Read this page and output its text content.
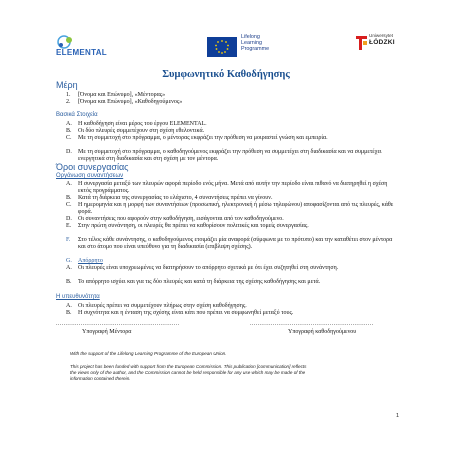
ELEMENTAL
Lifelong
Learning
Programme
Uniwersytet
ŁÓDZKI
Συμφωνητικό Καθοδήγησης
Μέρη
1. [Όνομα και Επώνυμο], «Μέντορας»
2. [Όνομα και Επώνυμο], «Καθοδηγούμενος»
Βασικά Στοιχεία
A. Η καθοδήγηση είναι μέρος του έργου ELEMENTAL.
B. Οι δύο πλευρές συμμετέχουν στη σχέση εθελοντικά.
C. Με τη συμμετοχή στο πρόγραμμα, ο μέντορας εκφράζει την πρόθεση να μοιραστεί γνώση και εμπειρία.
D. Με τη συμμετοχή στο πρόγραμμα, ο καθοδηγούμενος εκφράζει την πρόθεση να συμμετέχει στη διαδικασία και να συμμετέχει ενεργητικά στη διαδικασία και στη σχέση με τον μέντορα.
Όροι συνεργασίας
Οργάνωση συναντήσεων
A. Η συνεργασία μεταξύ των πλευρών αφορά περίοδο ενός μήνα. Μετά από αυτήν την περίοδο είναι πιθανό να διατηρηθεί η σχέση εκτός προγράμματος.
B. Κατά τη διάρκεια της συνεργασίας το ελάχιστο, 4 συναντήσεις πρέπει να γίνουν.
C. Η ημερομηνία και η μορφή των συναντήσεων (προσωπική, ηλεκτρονική ή μέσω τηλεφώνου) αποφασίζονται από τις πλευρές, κάθε φορά.
D. Οι συναντήσεις που αφορούν στην καθοδήγηση, εισάγονται από τον καθοδηγούμενο.
E. Στην πρώτη συνάντηση, οι πλευρές θα πρέπει να καθορίσουν πολιτικές και τομείς συνεργασίας.
F. Στο τέλος κάθε συνάντησης, ο καθοδηγούμενος ετοιμάζει μία αναφορά (σύμφωνα με το πρότυπο) και την καταθέτει στον μέντορα και στο άτομο που είναι υπεύθυνο για τη διαδικασία (επιβλεψη σχέσης).
G. Απόρρητο
A. Οι πλευρές είναι υποχρεωμένες να διατηρήσουν το απόρρητο σχετικά με ότι έχει συζητηθεί στη συνάντηση.
B. Το απόρρητο ισχύει και για τις δύο πλευρές και κατά τη διάρκεια της σχέσης καθοδήγησης και μετά.
Η υπευθυνότητα
A. Οι πλευρές πρέπει να συμμετέχουν πλήρως στην σχέση καθοδήγησης.
B. Η συχνότητα και η ένταση της σχέσης είναι κάτι που πρέπει να συμφωνηθεί μεταξύ τους.
.................................................................	.................................................................
Υπογραφή Μέντορα	Υπογραφή καθοδηγούμενου
With the support of the Lifelong Learning Programme of the European Union.
This project has been funded with support from the European Commission. This publication [communication] reflects
the views only of the author, and the Commission cannot be held responsible for any use which may be made of the
information contained therein.
1
